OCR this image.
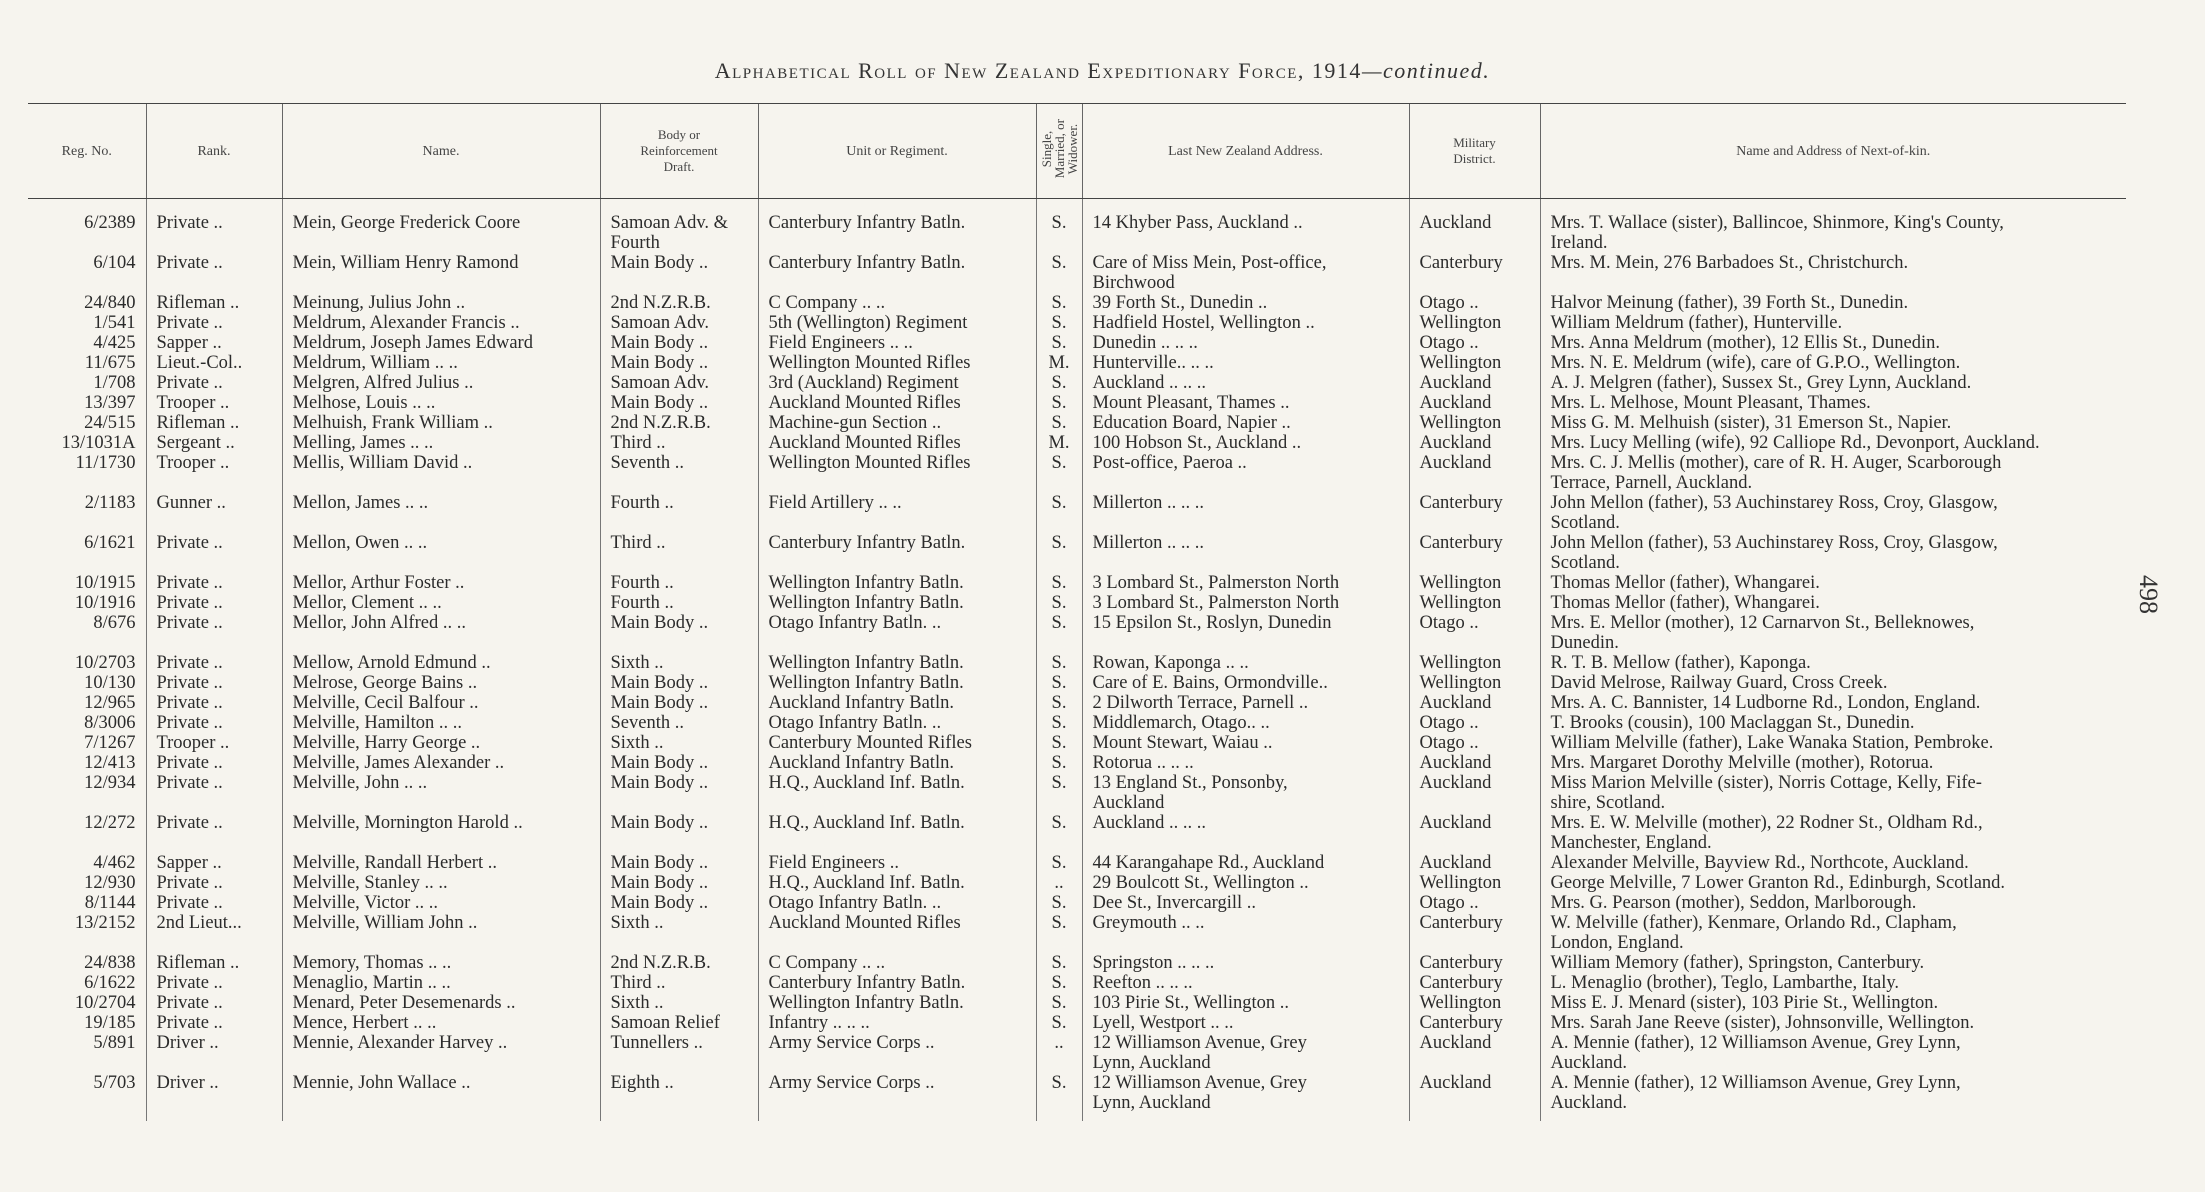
Alphabetical Roll of New Zealand Expeditionary Force, 1914—continued.
498
Reg. No.	Rank.	Name.	Body or
Reinforcement
Draft.	Unit or Regiment.	Single,
Married, or
Widower.	Last New Zealand Address.	Military
District.	Name and Address of Next-of-kin.
6/2389	Private ..	Mein, George Frederick Coore	Samoan Adv. &
Fourth	Canterbury Infantry Batln.	S.	14 Khyber Pass, Auckland ..	Auckland	Mrs. T. Wallace (sister), Ballincoe, Shinmore, King's County,
Ireland.
6/104	Private ..	Mein, William Henry Ramond	Main Body ..	Canterbury Infantry Batln.	S.	Care of Miss Mein, Post-office,
Birchwood	Canterbury	Mrs. M. Mein, 276 Barbadoes St., Christchurch.
24/840	Rifleman ..	Meinung, Julius John ..	2nd N.Z.R.B.	C Company .. ..	S.	39 Forth St., Dunedin ..	Otago ..	Halvor Meinung (father), 39 Forth St., Dunedin.
1/541	Private ..	Meldrum, Alexander Francis ..	Samoan Adv.	5th (Wellington) Regiment	S.	Hadfield Hostel, Wellington ..	Wellington	William Meldrum (father), Hunterville.
4/425	Sapper ..	Meldrum, Joseph James Edward	Main Body ..	Field Engineers .. ..	S.	Dunedin .. .. ..	Otago ..	Mrs. Anna Meldrum (mother), 12 Ellis St., Dunedin.
11/675	Lieut.-Col..	Meldrum, William .. ..	Main Body ..	Wellington Mounted Rifles	M.	Hunterville.. .. ..	Wellington	Mrs. N. E. Meldrum (wife), care of G.P.O., Wellington.
1/708	Private ..	Melgren, Alfred Julius ..	Samoan Adv.	3rd (Auckland) Regiment	S.	Auckland .. .. ..	Auckland	A. J. Melgren (father), Sussex St., Grey Lynn, Auckland.
13/397	Trooper ..	Melhose, Louis .. ..	Main Body ..	Auckland Mounted Rifles	S.	Mount Pleasant, Thames ..	Auckland	Mrs. L. Melhose, Mount Pleasant, Thames.
24/515	Rifleman ..	Melhuish, Frank William ..	2nd N.Z.R.B.	Machine-gun Section ..	S.	Education Board, Napier ..	Wellington	Miss G. M. Melhuish (sister), 31 Emerson St., Napier.
13/1031A	Sergeant ..	Melling, James .. ..	Third ..	Auckland Mounted Rifles	M.	100 Hobson St., Auckland ..	Auckland	Mrs. Lucy Melling (wife), 92 Calliope Rd., Devonport, Auckland.
11/1730	Trooper ..	Mellis, William David ..	Seventh ..	Wellington Mounted Rifles	S.	Post-office, Paeroa ..	Auckland	Mrs. C. J. Mellis (mother), care of R. H. Auger, Scarborough
Terrace, Parnell, Auckland.
2/1183	Gunner ..	Mellon, James .. ..	Fourth ..	Field Artillery .. ..	S.	Millerton .. .. ..	Canterbury	John Mellon (father), 53 Auchinstarey Ross, Croy, Glasgow,
Scotland.
6/1621	Private ..	Mellon, Owen .. ..	Third ..	Canterbury Infantry Batln.	S.	Millerton .. .. ..	Canterbury	John Mellon (father), 53 Auchinstarey Ross, Croy, Glasgow,
Scotland.
10/1915	Private ..	Mellor, Arthur Foster ..	Fourth ..	Wellington Infantry Batln.	S.	3 Lombard St., Palmerston North	Wellington	Thomas Mellor (father), Whangarei.
10/1916	Private ..	Mellor, Clement .. ..	Fourth ..	Wellington Infantry Batln.	S.	3 Lombard St., Palmerston North	Wellington	Thomas Mellor (father), Whangarei.
8/676	Private ..	Mellor, John Alfred .. ..	Main Body ..	Otago Infantry Batln. ..	S.	15 Epsilon St., Roslyn, Dunedin	Otago ..	Mrs. E. Mellor (mother), 12 Carnarvon St., Belleknowes,
Dunedin.
10/2703	Private ..	Mellow, Arnold Edmund ..	Sixth ..	Wellington Infantry Batln.	S.	Rowan, Kaponga .. ..	Wellington	R. T. B. Mellow (father), Kaponga.
10/130	Private ..	Melrose, George Bains ..	Main Body ..	Wellington Infantry Batln.	S.	Care of E. Bains, Ormondville..	Wellington	David Melrose, Railway Guard, Cross Creek.
12/965	Private ..	Melville, Cecil Balfour ..	Main Body ..	Auckland Infantry Batln.	S.	2 Dilworth Terrace, Parnell ..	Auckland	Mrs. A. C. Bannister, 14 Ludborne Rd., London, England.
8/3006	Private ..	Melville, Hamilton .. ..	Seventh ..	Otago Infantry Batln. ..	S.	Middlemarch, Otago.. ..	Otago ..	T. Brooks (cousin), 100 Maclaggan St., Dunedin.
7/1267	Trooper ..	Melville, Harry George ..	Sixth ..	Canterbury Mounted Rifles	S.	Mount Stewart, Waiau ..	Otago ..	William Melville (father), Lake Wanaka Station, Pembroke.
12/413	Private ..	Melville, James Alexander ..	Main Body ..	Auckland Infantry Batln.	S.	Rotorua .. .. ..	Auckland	Mrs. Margaret Dorothy Melville (mother), Rotorua.
12/934	Private ..	Melville, John .. ..	Main Body ..	H.Q., Auckland Inf. Batln.	S.	13 England St., Ponsonby,
Auckland	Auckland	Miss Marion Melville (sister), Norris Cottage, Kelly, Fife-
shire, Scotland.
12/272	Private ..	Melville, Mornington Harold ..	Main Body ..	H.Q., Auckland Inf. Batln.	S.	Auckland .. .. ..	Auckland	Mrs. E. W. Melville (mother), 22 Rodner St., Oldham Rd.,
Manchester, England.
4/462	Sapper ..	Melville, Randall Herbert ..	Main Body ..	Field Engineers ..	S.	44 Karangahape Rd., Auckland	Auckland	Alexander Melville, Bayview Rd., Northcote, Auckland.
12/930	Private ..	Melville, Stanley .. ..	Main Body ..	H.Q., Auckland Inf. Batln.	..	29 Boulcott St., Wellington ..	Wellington	George Melville, 7 Lower Granton Rd., Edinburgh, Scotland.
8/1144	Private ..	Melville, Victor .. ..	Main Body ..	Otago Infantry Batln. ..	S.	Dee St., Invercargill ..	Otago ..	Mrs. G. Pearson (mother), Seddon, Marlborough.
13/2152	2nd Lieut...	Melville, William John ..	Sixth ..	Auckland Mounted Rifles	S.	Greymouth .. ..	Canterbury	W. Melville (father), Kenmare, Orlando Rd., Clapham,
London, England.
24/838	Rifleman ..	Memory, Thomas .. ..	2nd N.Z.R.B.	C Company .. ..	S.	Springston .. .. ..	Canterbury	William Memory (father), Springston, Canterbury.
6/1622	Private ..	Menaglio, Martin .. ..	Third ..	Canterbury Infantry Batln.	S.	Reefton .. .. ..	Canterbury	L. Menaglio (brother), Teglo, Lambarthe, Italy.
10/2704	Private ..	Menard, Peter Desemenards ..	Sixth ..	Wellington Infantry Batln.	S.	103 Pirie St., Wellington ..	Wellington	Miss E. J. Menard (sister), 103 Pirie St., Wellington.
19/185	Private ..	Mence, Herbert .. ..	Samoan Relief	Infantry .. .. ..	S.	Lyell, Westport .. ..	Canterbury	Mrs. Sarah Jane Reeve (sister), Johnsonville, Wellington.
5/891	Driver ..	Mennie, Alexander Harvey ..	Tunnellers ..	Army Service Corps ..	..	12 Williamson Avenue, Grey
Lynn, Auckland	Auckland	A. Mennie (father), 12 Williamson Avenue, Grey Lynn,
Auckland.
5/703	Driver ..	Mennie, John Wallace ..	Eighth ..	Army Service Corps ..	S.	12 Williamson Avenue, Grey
Lynn, Auckland	Auckland	A. Mennie (father), 12 Williamson Avenue, Grey Lynn,
Auckland.
